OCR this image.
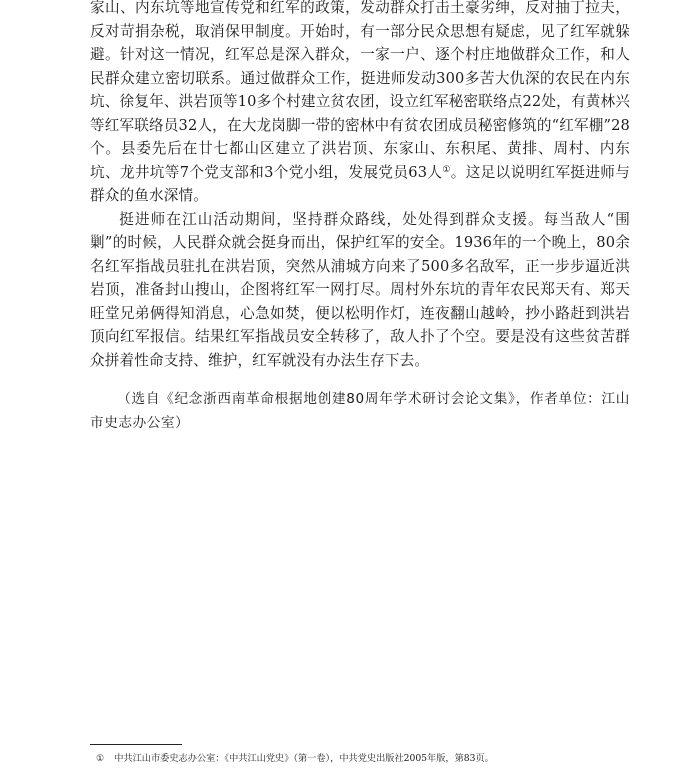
家山、内东坑等地宣传党和红军的政策，发动群众打击土豪劣绅，反对抽丁拉夫，反对苛捐杂税，取消保甲制度。开始时，有一部分民众思想有疑虑，见了红军就躲避。针对这一情况，红军总是深入群众，一家一户、逐个村庄地做群众工作，和人民群众建立密切联系。通过做群众工作，挺进师发动300多苦大仇深的农民在内东坑、徐复年、洪岩顶等10多个村建立贫农团，设立红军秘密联络点22处，有黄林兴等红军联络员32人，在大龙岗脚一带的密林中有贫农团成员秘密修筑的“红军棚”28个。县委先后在廿七都山区建立了洪岩顶、东家山、东积尾、黄排、周村、内东坑、龙井坑等7个党支部和3个党小组，发展党员63人①。这足以说明红军挺进师与群众的鱼水深情。

挺进师在江山活动期间，坚持群众路线，处处得到群众支援。每当敌人“围剿”的时候，人民群众就会挺身而出，保护红军的安全。1936年的一个晚上，80余名红军指战员驻扎在洪岩顶，突然从浦城方向来了500多名敌军，正一步步逼近洪岩顶，准备封山搜山，企图将红军一网打尽。周村外东坑的青年农民郑天有、郑天旺堂兄弟俩得知消息，心急如焚，便以松明作灯，连夜翻山越岭，抄小路赶到洪岩顶向红军报信。结果红军指战员安全转移了，敌人扑了个空。要是没有这些贫苦群众拼着性命支持、维护，红军就没有办法生存下去。

（选自《纪念浙西南革命根据地创建80周年学术研讨会论文集》，作者单位：江山市史志办公室）

① 中共江山市委史志办公室：《中共江山党史》（第一卷），中共党史出版社2005年版，第83页。
